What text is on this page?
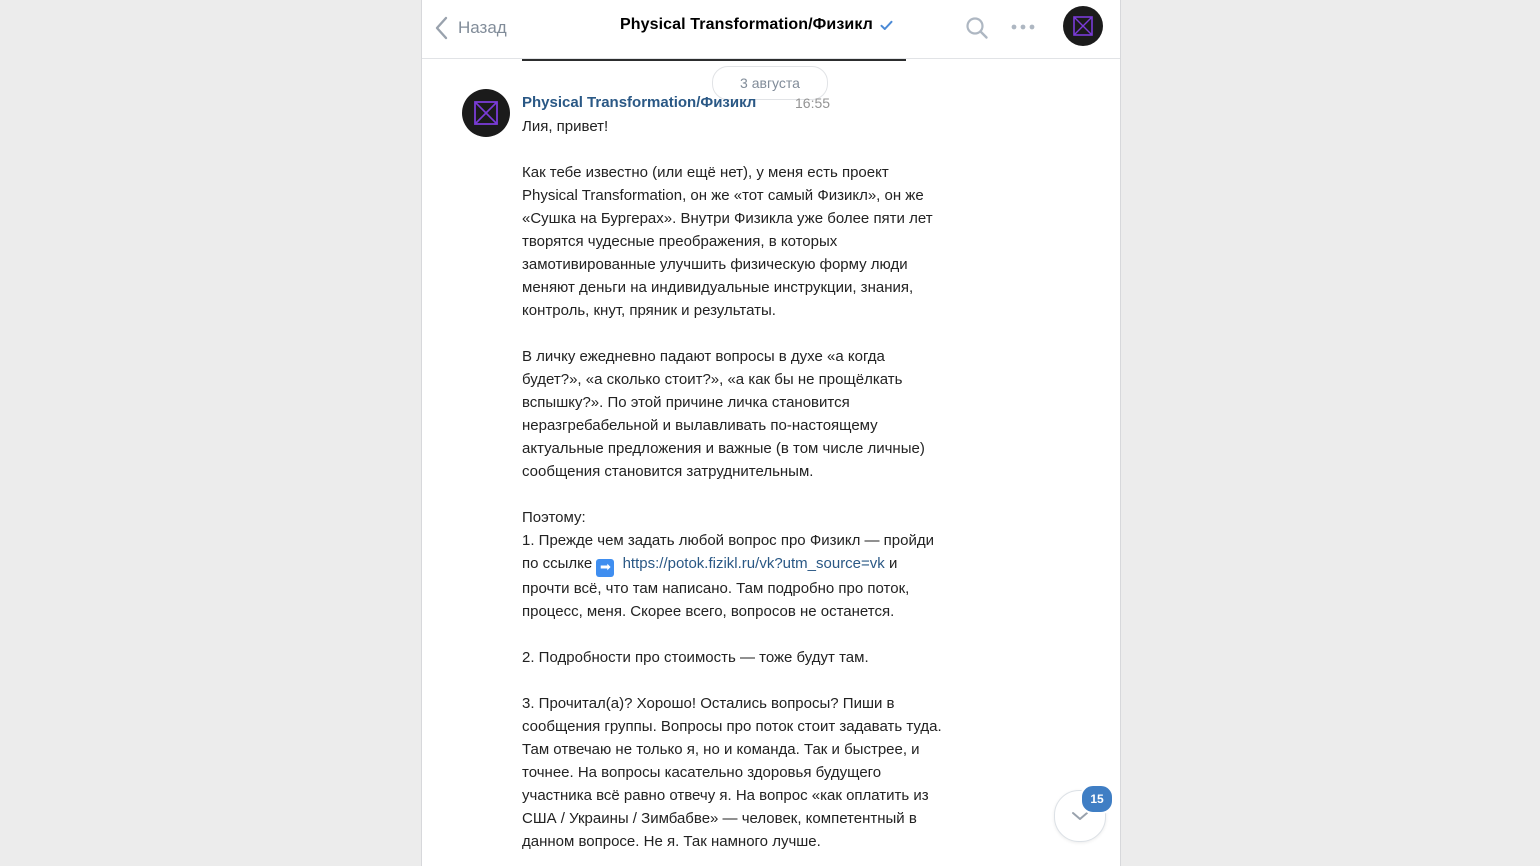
Назад	Physical Transformation/Физикл
3 августа
Physical Transformation/Физикл	16:55

Лия, привет!

Как тебе известно (или ещё нет), у меня есть проект

Physical Transformation, он же «тот самый Физикл», он же

«Сушка на Бургерах». Внутри Физикла уже более пяти лет

творятся чудесные преображения, в которых

замотивированные улучшить физическую форму люди

меняют деньги на индивидуальные инструкции, знания,

контроль, кнут, пряник и результаты.

В личку ежедневно падают вопросы в духе «а когда

будет?», «а сколько стоит?», «а как бы не прощёлкать

вспышку?». По этой причине личка становится

неразгребабельной и вылавливать по-настоящему

актуальные предложения и важные (в том числе личные)

сообщения становится затруднительным.

Поэтому:

1. Прежде чем задать любой вопрос про Физикл — пройди

по ссылке ➡ https://potok.fizikl.ru/vk?utm_source=vk и

прочти всё, что там написано. Там подробно про поток,

процесс, меня. Скорее всего, вопросов не останется.

2. Подробности про стоимость — тоже будут там.

3. Прочитал(а)? Хорошо! Остались вопросы? Пиши в

сообщения группы. Вопросы про поток стоит задавать туда.

Там отвечаю не только я, но и команда. Так и быстрее, и

точнее. На вопросы касательно здоровья будущего

участника всё равно отвечу я. На вопрос «как оплатить из

США / Украины / Зимбабве» — человек, компетентный в

данном вопросе. Не я. Так намного лучше.

15
